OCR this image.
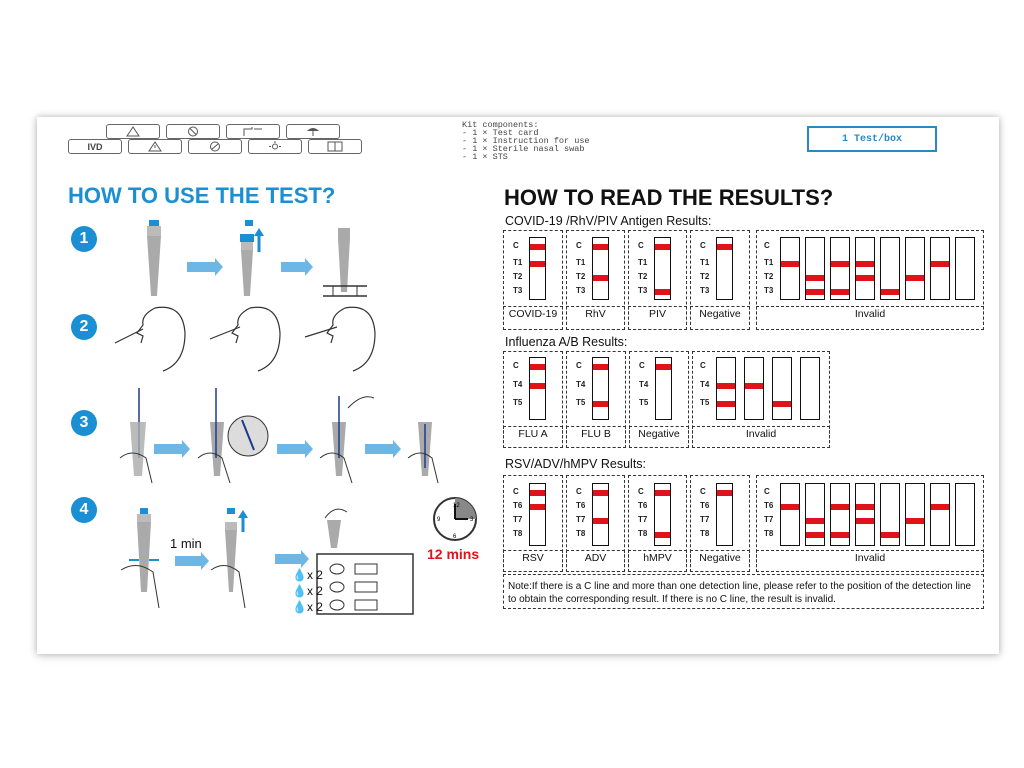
IVD
Kit components:
- 1 × Test card
- 1 × Instruction for use
- 1 × Sterile nasal swab
- 1 × STS
1 Test/box
HOW TO USE THE TEST?
1
2
3
4
1 min
💧x 2
💧x 2
💧x 2
12
3
6
9
12 mins
HOW TO READ THE RESULTS?
COVID-19 /RhV/PIV Antigen Results:
Influenza A/B Results:
RSV/ADV/hMPV Results:
C
T1
T2
T3
COVID-19
C
T1
T2
T3
RhV
C
T1
T2
T3
PIV
C
T1
T2
T3
Negative
C
T1
T2
T3
Invalid
C
T4
T5
FLU A
C
T4
T5
FLU B
C
T4
T5
Negative
C
T4
T5
Invalid
C
T6
T7
T8
RSV
C
T6
T7
T8
ADV
C
T6
T7
T8
hMPV
C
T6
T7
T8
Negative
C
T6
T7
T8
Invalid
Note:If there is a C line and more than one detection line, please refer to the position of the detection line to obtain the corresponding result. If there is no C line, the result is invalid.
